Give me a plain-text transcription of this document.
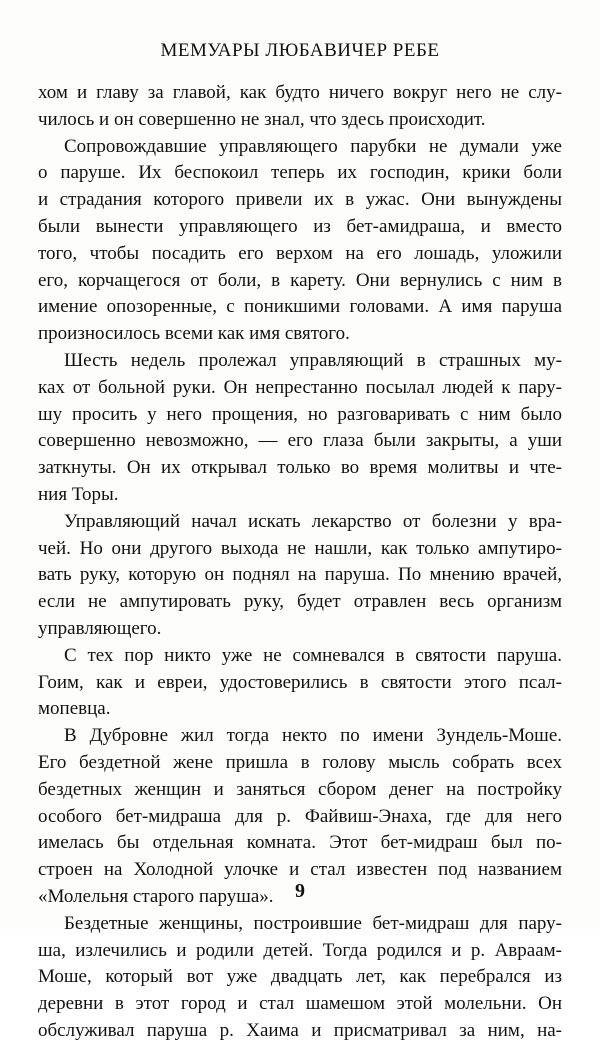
МЕМУАРЫ ЛЮБАВИЧЕР РЕБЕ
хом и главу за главой, как будто ничего вокруг него не слу-
чилось и он совершенно не знал, что здесь происходит.
Сопровождавшие управляющего парубки не думали уже
о паруше. Их беспокоил теперь их господин, крики боли
и страдания которого привели их в ужас. Они вынуждены
были вынести управляющего из бет-амидраша, и вместо
того, чтобы посадить его верхом на его лошадь, уложили
его, корчащегося от боли, в карету. Они вернулись с ним в
имение опозоренные, с поникшими головами. А имя паруша
произносилось всеми как имя святого.
Шесть недель пролежал управляющий в страшных му-
ках от больной руки. Он непрестанно посылал людей к пару-
шу просить у него прощения, но разговаривать с ним было
совершенно невозможно, — его глаза были закрыты, а уши
заткнуты. Он их открывал только во время молитвы и чте-
ния Торы.
Управляющий начал искать лекарство от болезни у вра-
чей. Но они другого выхода не нашли, как только ампутиро-
вать руку, которую он поднял на паруша. По мнению врачей,
если не ампутировать руку, будет отравлен весь организм
управляющего.
С тех пор никто уже не сомневался в святости паруша.
Гоим, как и евреи, удостоверились в святости этого псал-
мопевца.
В Дубровне жил тогда некто по имени Зундель-Моше.
Его бездетной жене пришла в голову мысль собрать всех
бездетных женщин и заняться сбором денег на постройку
особого бет-мидраша для р. Файвиш-Энаха, где для него
имелась бы отдельная комната. Этот бет-мидраш был по-
строен на Холодной улочке и стал известен под названием
«Молельня старого паруша».
Бездетные женщины, построившие бет-мидраш для пару-
ша, излечились и родили детей. Тогда родился и р. Авраам-
Моше, который вот уже двадцать лет, как перебрался из
деревни в этот город и стал шамешом этой молельни. Он
обслуживал паруша р. Хаима и присматривал за ним, на-
9
